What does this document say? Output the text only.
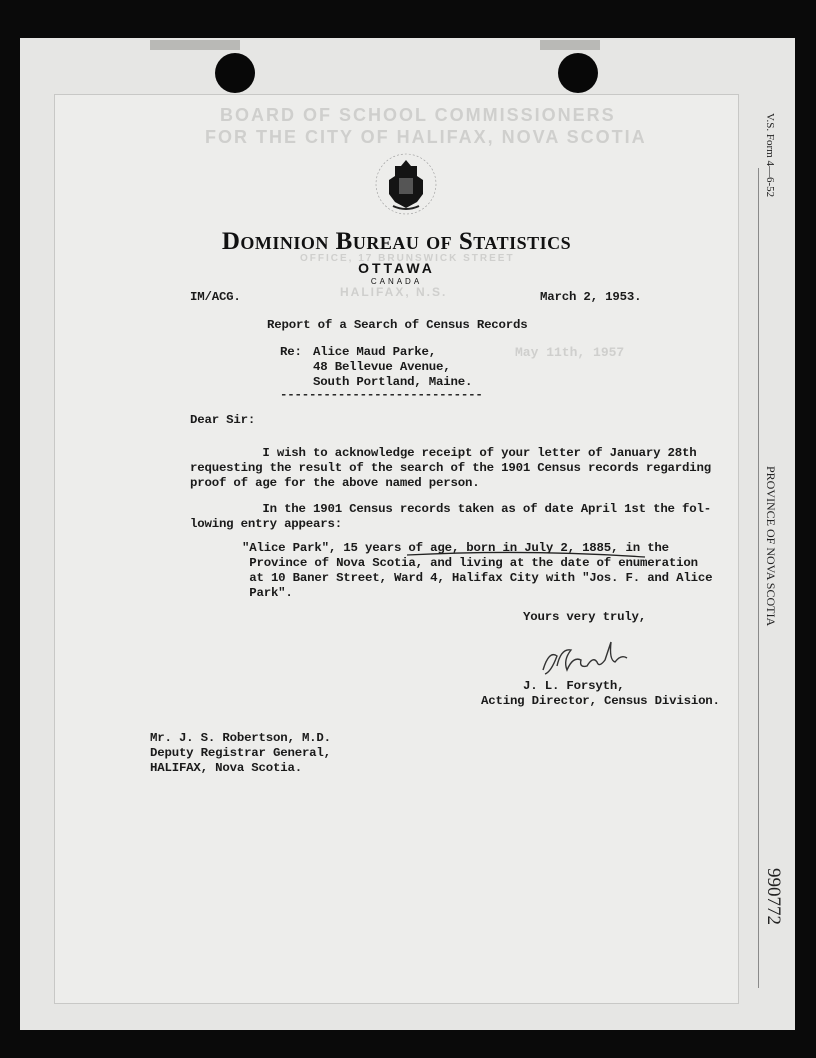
V.S. Form 4—6-52
PROVINCE OF NOVA SCOTIA
990772
BOARD OF SCHOOL COMMISSIONERS
FOR THE CITY OF HALIFAX, NOVA SCOTIA
OFFICE, 17 BRUNSWICK STREET
HALIFAX, N.S.
May 11th, 1957
Dominion Bureau of Statistics
OTTAWA
CANADA
IM/ACG.	March 2, 1953.
Report of a Search of Census Records
Re: Alice Maud Parke,
48 Bellevue Avenue,
South Portland, Maine.
----------------------------
Dear Sir:
I wish to acknowledge receipt of your letter of January 28th
requesting the result of the search of the 1901 Census records regarding
proof of age for the above named person.
In the 1901 Census records taken as of date April 1st the fol-
lowing entry appears:
"Alice Park", 15 years of age, born in July 2, 1885, in the
Province of Nova Scotia, and living at the date of enumeration
at 10 Baner Street, Ward 4, Halifax City with "Jos. F. and Alice
Park".
Yours very truly,
J. L. Forsyth,
Acting Director, Census Division.
Mr. J. S. Robertson, M.D.
Deputy Registrar General,
HALIFAX, Nova Scotia.
